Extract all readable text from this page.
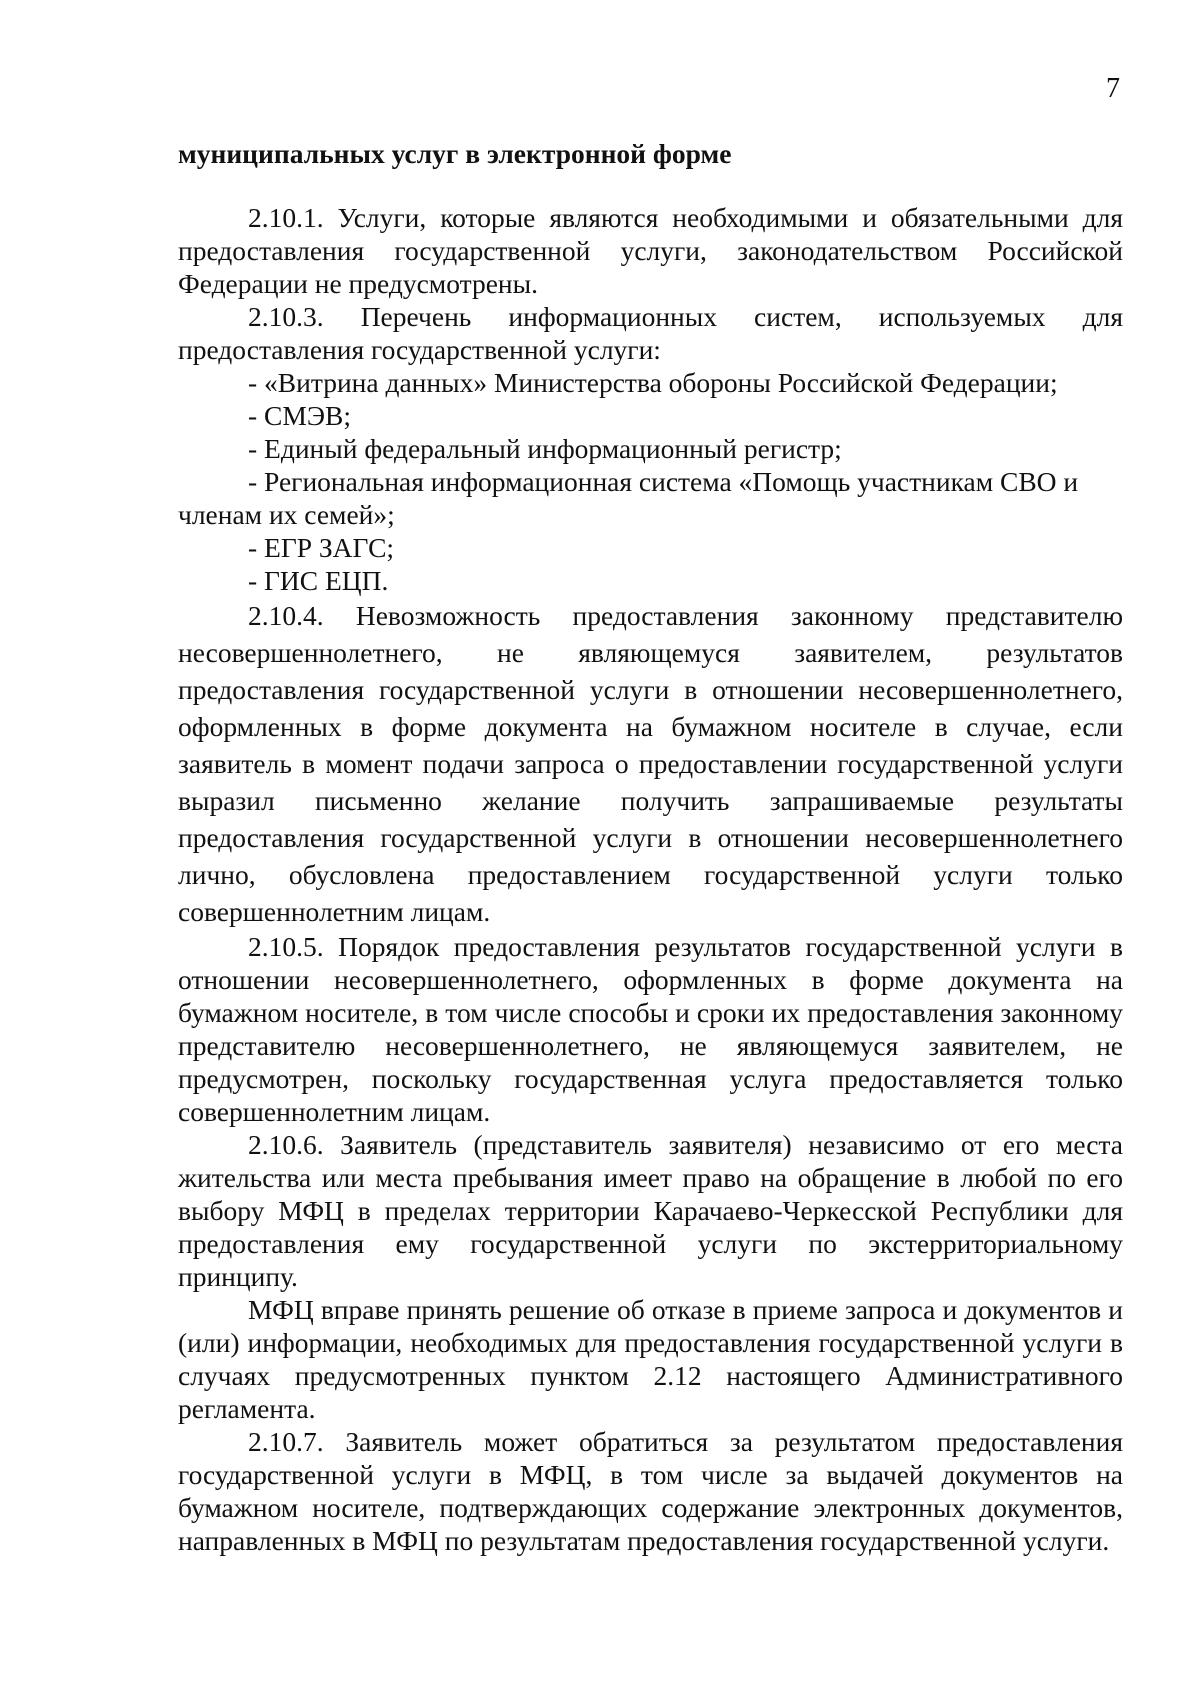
7
муниципальных услуг в электронной форме

2.10.1. Услуги, которые являются необходимыми и обязательными для предоставления государственной услуги, законодательством Российской Федерации не предусмотрены.

2.10.3. Перечень информационных систем, используемых для предоставления государственной услуги:

- «Витрина данных» Министерства обороны Российской Федерации;

- СМЭВ;

- Единый федеральный информационный регистр;

- Региональная информационная система «Помощь участникам СВО и членам их семей»;

- ЕГР ЗАГС;

- ГИС ЕЦП.

2.10.4. Невозможность предоставления законному представителю несовершеннолетнего, не являющемуся заявителем, результатов предоставления государственной услуги в отношении несовершеннолетнего, оформленных в форме документа на бумажном носителе в случае, если заявитель в момент подачи запроса о предоставлении государственной услуги выразил письменно желание получить запрашиваемые результаты предоставления государственной услуги в отношении несовершеннолетнего лично, обусловлена предоставлением государственной услуги только совершеннолетним лицам.

2.10.5. Порядок предоставления результатов государственной услуги в отношении несовершеннолетнего, оформленных в форме документа на бумажном носителе, в том числе способы и сроки их предоставления законному представителю несовершеннолетнего, не являющемуся заявителем, не предусмотрен, поскольку государственная услуга предоставляется только совершеннолетним лицам.

2.10.6. Заявитель (представитель заявителя) независимо от его места жительства или места пребывания имеет право на обращение в любой по его выбору МФЦ в пределах территории Карачаево-Черкесской Республики для предоставления ему государственной услуги по экстерриториальному принципу.

МФЦ вправе принять решение об отказе в приеме запроса и документов и (или) информации, необходимых для предоставления государственной услуги в случаях предусмотренных пунктом 2.12 настоящего Административного регламента.

2.10.7. Заявитель может обратиться за результатом предоставления государственной услуги в МФЦ, в том числе за выдачей документов на бумажном носителе, подтверждающих содержание электронных документов, направленных в МФЦ по результатам предоставления государственной услуги.
